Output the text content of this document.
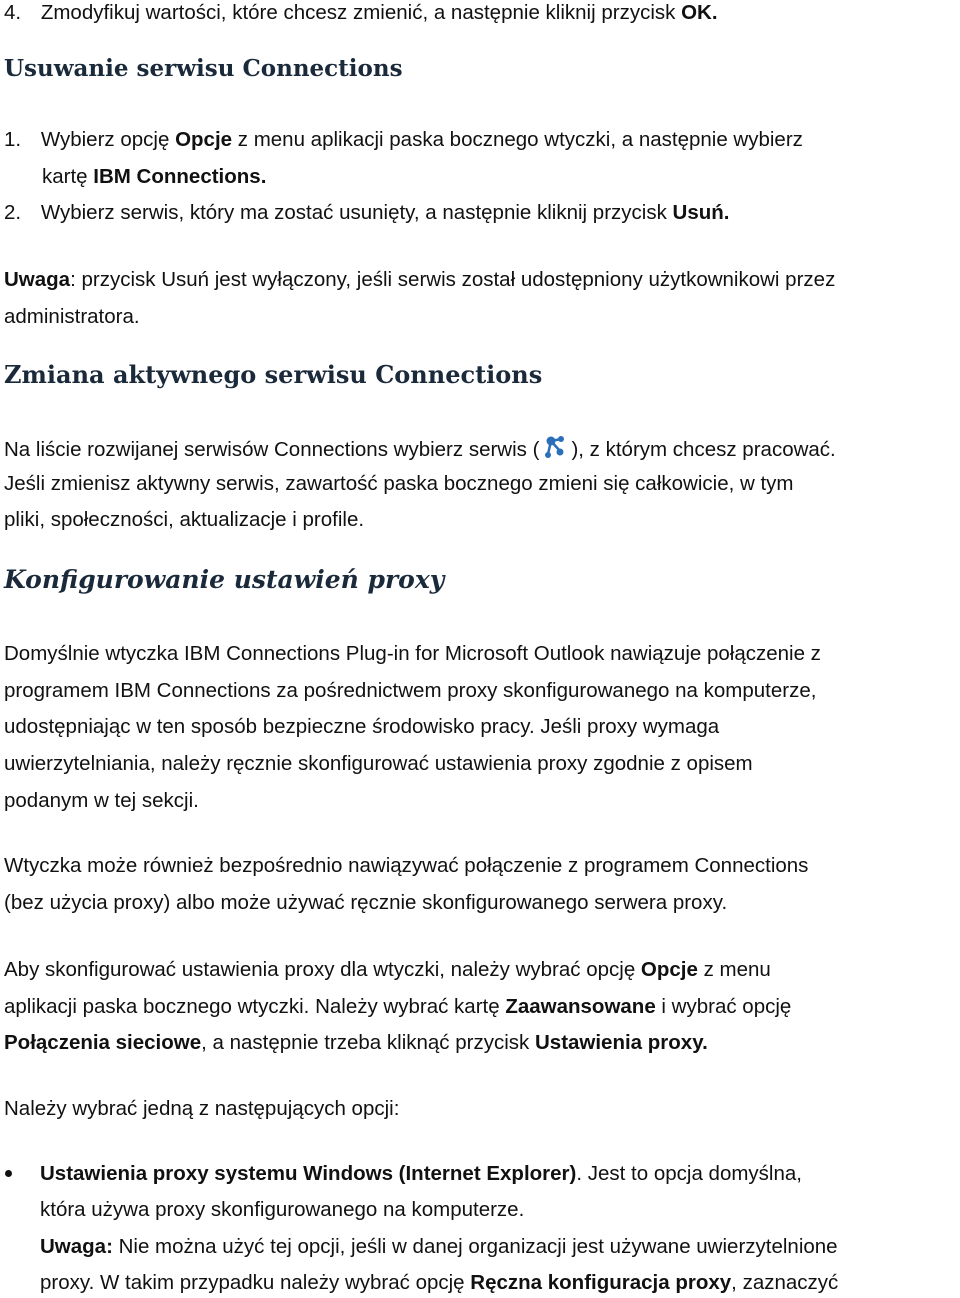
4. Zmodyfikuj wartości, które chcesz zmienić, a następnie kliknij przycisk OK.
Usuwanie serwisu Connections
1. Wybierz opcję Opcje z menu aplikacji paska bocznego wtyczki, a następnie wybierz
kartę IBM Connections.
2. Wybierz serwis, który ma zostać usunięty, a następnie kliknij przycisk Usuń.
Uwaga: przycisk Usuń jest wyłączony, jeśli serwis został udostępniony użytkownikowi przez
administratora.
Zmiana aktywnego serwisu Connections
Na liście rozwijanej serwisów Connections wybierz serwis ( ), z którym chcesz pracować.
Jeśli zmienisz aktywny serwis, zawartość paska bocznego zmieni się całkowicie, w tym
pliki, społeczności, aktualizacje i profile.
Konfigurowanie ustawień proxy
Domyślnie wtyczka IBM Connections Plug-in for Microsoft Outlook nawiązuje połączenie z
programem IBM Connections za pośrednictwem proxy skonfigurowanego na komputerze,
udostępniając w ten sposób bezpieczne środowisko pracy. Jeśli proxy wymaga
uwierzytelniania, należy ręcznie skonfigurować ustawienia proxy zgodnie z opisem
podanym w tej sekcji.
Wtyczka może również bezpośrednio nawiązywać połączenie z programem Connections
(bez użycia proxy) albo może używać ręcznie skonfigurowanego serwera proxy.
Aby skonfigurować ustawienia proxy dla wtyczki, należy wybrać opcję Opcje z menu
aplikacji paska bocznego wtyczki. Należy wybrać kartę Zaawansowane i wybrać opcję
Połączenia sieciowe, a następnie trzeba kliknąć przycisk Ustawienia proxy.
Należy wybrać jedną z następujących opcji:
Ustawienia proxy systemu Windows (Internet Explorer). Jest to opcja domyślna,
która używa proxy skonfigurowanego na komputerze.
Uwaga: Nie można użyć tej opcji, jeśli w danej organizacji jest używane uwierzytelnione
proxy. W takim przypadku należy wybrać opcję Ręczna konfiguracja proxy, zaznaczyć
